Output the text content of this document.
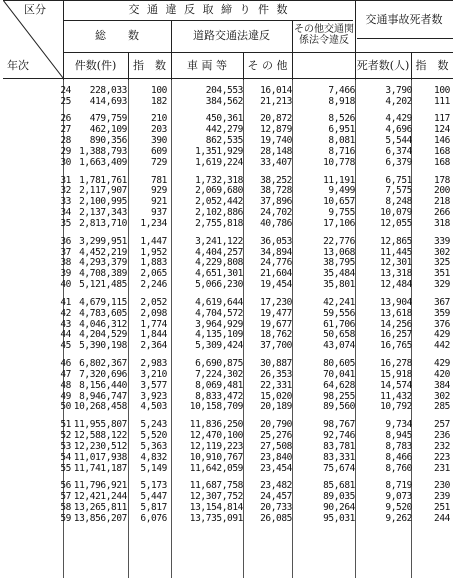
区分
年次
交 通 違 反 取 締 り 件 数
総　　数	道路交通法違反	その他交通関係法令違反
交通事故死者数
件数(件)	指　数	車 両 等	そ の 他	死者数(人) 指　数
24	228,033	100	204,553	16,014	7,466	3,790	100
25	414,693	182	384,562	21,213	8,918	4,202	111
26	479,759	210	450,361	20,872	8,526	4,429	117
27	462,109	203	442,279	12,879	6,951	4,696	124
28	890,356	390	862,535	19,740	8,081	5,544	146
29 1,388,793	609	1,351,929	28,148	8,716	6,374	168
30 1,663,409	729	1,619,224	33,407	10,778	6,379	168
31 1,781,761	781	1,732,318	38,252	11,191	6,751	178
32 2,117,907	929	2,069,680	38,728	9,499	7,575	200
33 2,100,995	921	2,052,442	37,896	10,657	8,248	218
34 2,137,343	937	2,102,886	24,702	9,755	10,079	266
35 2,813,710	1,234	2,755,818	40,786	17,106	12,055	318
36 3,299,951	1,447	3,241,122	36,053	22,776	12,865	339
37 4,452,219	1,952	4,404,257	34,894	13,068	11,445	302
38 4,293,379	1,883	4,229,808	24,776	38,795	12,301	325
39 4,708,389	2,065	4,651,301	21,604	35,484	13,318	351
40 5,121,485	2,246	5,066,230	19,454	35,801	12,484	329
41 4,679,115	2,052	4,619,644	17,230	42,241	13,904	367
42 4,783,605	2,098	4,704,572	19,477	59,556	13,618	359
43 4,046,312	1,774	3,964,929	19,677	61,706	14,256	376
44 4,204,529	1,844	4,135,109	18,762	50,658	16,257	429
45 5,390,198	2,364	5,309,424	37,700	43,074	16,765	442
46 6,802,367	2,983	6,690,875	30,887	80,605	16,278	429
47 7,320,696	3,210	7,224,302	26,353	70,041	15,918	420
48 8,156,440	3,577	8,069,481	22,331	64,628	14,574	384
49 8,946,747	3,923	8,833,472	15,020	98,255	11,432	302
50 10,268,458	4,503	10,158,709	20,189	89,560	10,792	285
51 11,955,807	5,243	11,836,250	20,790	98,767	9,734	257
52 12,588,122	5,520	12,470,100	25,276	92,746	8,945	236
53 12,230,512	5,363	12,119,223	27,508	83,781	8,783	232
54 11,017,938	4,832	10,910,767	23,840	83,331	8,466	223
55 11,741,187	5,149	11,642,059	23,454	75,674	8,760	231
56 11,796,921	5,173	11,687,758	23,482	85,681	8,719	230
57 12,421,244	5,447	12,307,752	24,457	89,035	9,073	239
58 13,265,811	5,817	13,154,814	20,733	90,264	9,520	251
59 13,856,207	6,076	13,735,091	26,085	95,031	9,262	244
